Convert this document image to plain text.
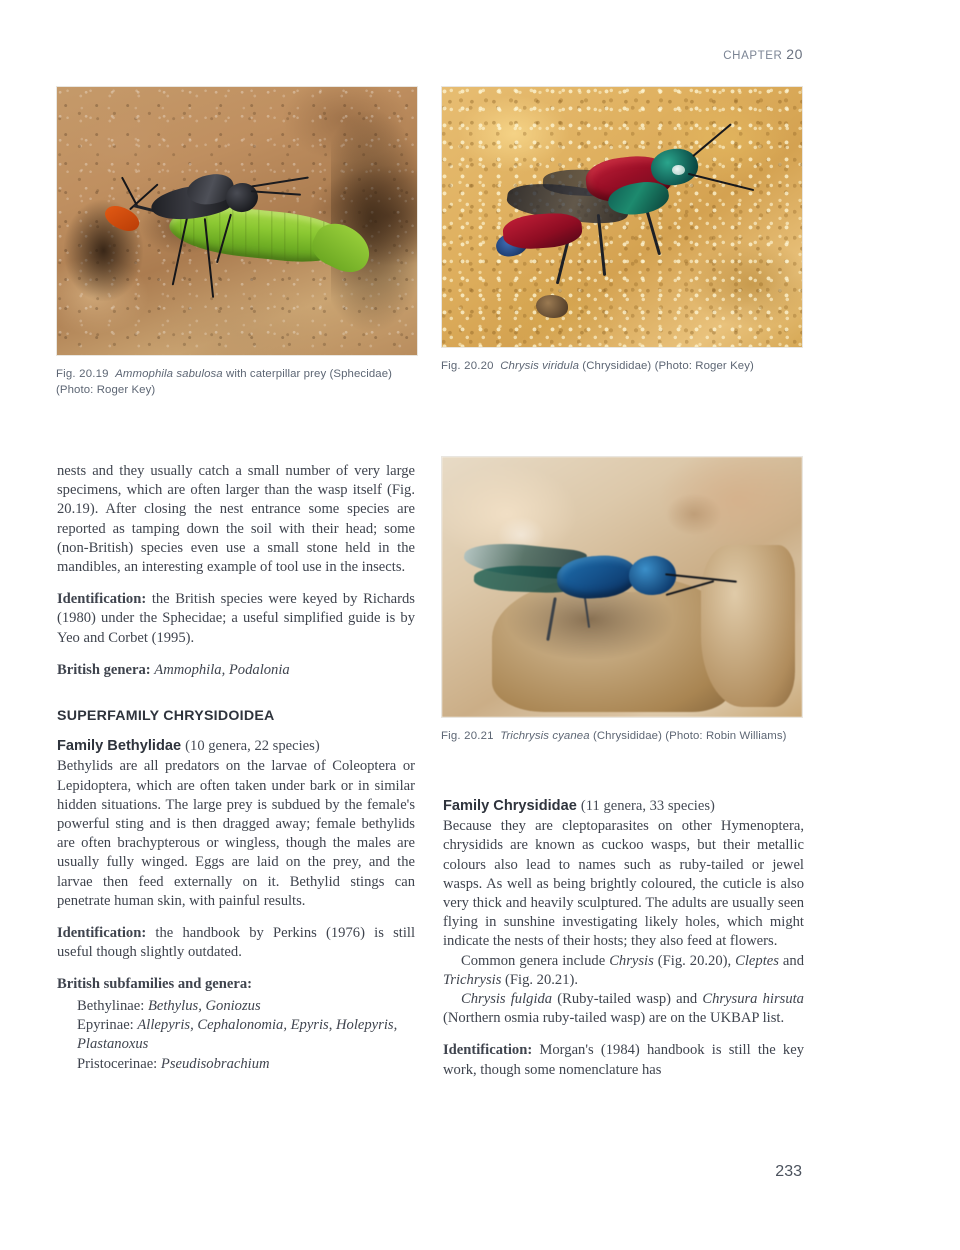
CHAPTER 20
Fig. 20.19 Ammophila sabulosa with caterpillar prey (Sphecidae) (Photo: Roger Key)
Fig. 20.20 Chrysis viridula (Chrysididae) (Photo: Roger Key)
Fig. 20.21 Trichrysis cyanea (Chrysididae) (Photo: Robin Williams)

nests and they usually catch a small number of very large specimens, which are often larger than the wasp itself (Fig. 20.19). After closing the nest entrance some species are reported as tamping down the soil with their head; some (non-British) species even use a small stone held in the mandibles, an interesting example of tool use in the insects.

Identification: the British species were keyed by Richards (1980) under the Sphecidae; a useful simplified guide is by Yeo and Corbet (1995).

British genera: Ammophila, Podalonia

SUPERFAMILY CHRYSIDOIDEA
Family Bethylidae (10 genera, 22 species)

Bethylids are all predators on the larvae of Coleoptera or Lepidoptera, which are often taken under bark or in similar hidden situations. The large prey is subdued by the female's powerful sting and is then dragged away; female bethylids are often brachypterous or wingless, though the males are usually fully winged. Eggs are laid on the prey, and the larvae then feed externally on it. Bethylid stings can penetrate human skin, with painful results.

Identification: the handbook by Perkins (1976) is still useful though slightly outdated.

British subfamilies and genera:
Bethylinae: Bethylus, Goniozus
Epyrinae: Allepyris, Cephalonomia, Epyris, Holepyris, Plastanoxus
Pristocerinae: Pseudisobrachium
Family Chrysididae (11 genera, 33 species)

Because they are cleptoparasites on other Hymenoptera, chrysidids are known as cuckoo wasps, but their metallic colours also lead to names such as ruby-tailed or jewel wasps. As well as being brightly coloured, the cuticle is also very thick and heavily sculptured. The adults are usually seen flying in sunshine investigating likely holes, which might indicate the nests of their hosts; they also feed at flowers.

Common genera include Chrysis (Fig. 20.20), Cleptes and Trichrysis (Fig. 20.21).

Chrysis fulgida (Ruby-tailed wasp) and Chrysura hirsuta (Northern osmia ruby-tailed wasp) are on the UKBAP list.

Identification: Morgan's (1984) handbook is still the key work, though some nomenclature has

233
